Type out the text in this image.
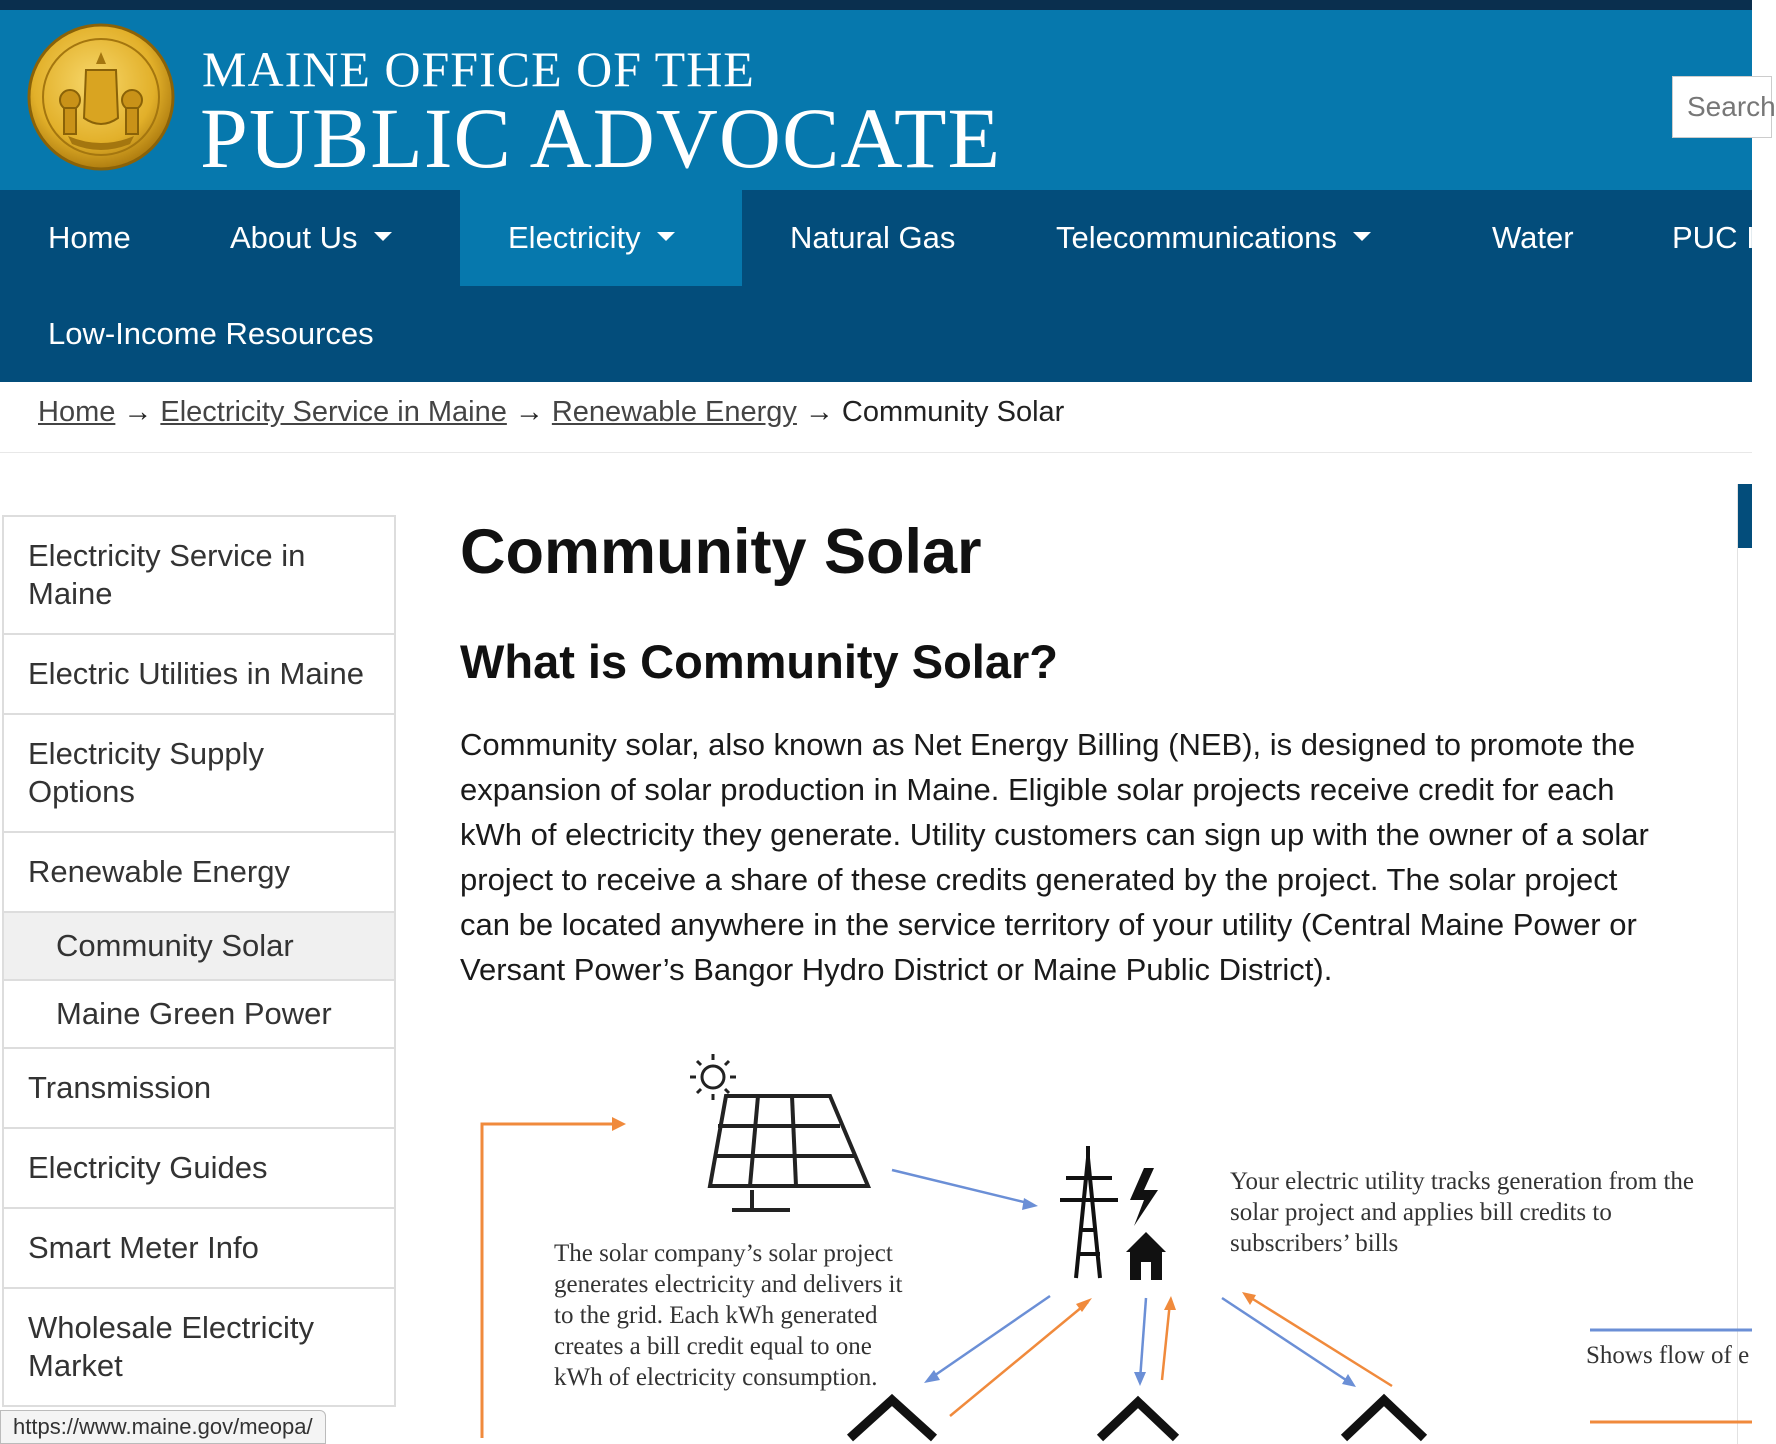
MAINE OFFICE OF THE
PUBLIC ADVOCATE	Search
Home	About Us	Electricity	Natural Gas	Telecommunications	Water	PUC I
Low-Income Resources
Home → Electricity Service in Maine → Renewable Energy → Community Solar
Electricity Service in Maine
Electric Utilities in Maine
Electricity Supply Options
Renewable Energy
Community Solar
Maine Green Power
Transmission
Electricity Guides
Smart Meter Info
Wholesale Electricity Market
Community Solar
What is Community Solar?

Community solar, also known as Net Energy Billing (NEB), is designed to promote the expansion of solar production in Maine. Eligible solar projects receive credit for each kWh of electricity they generate. Utility customers can sign up with the owner of a solar project to receive a share of these credits generated by the project. The solar project can be located anywhere in the service territory of your utility (Central Maine Power or Versant Power’s Bangor Hydro District or Maine Public District).

The solar company’s solar project generates electricity and delivers it to the grid. Each kWh generated creates a bill credit equal to one kWh of electricity consumption.
Your electric utility tracks generation from the solar project and applies bill credits to subscribers’ bills
Shows flow of e
https://www.maine.gov/meopa/
